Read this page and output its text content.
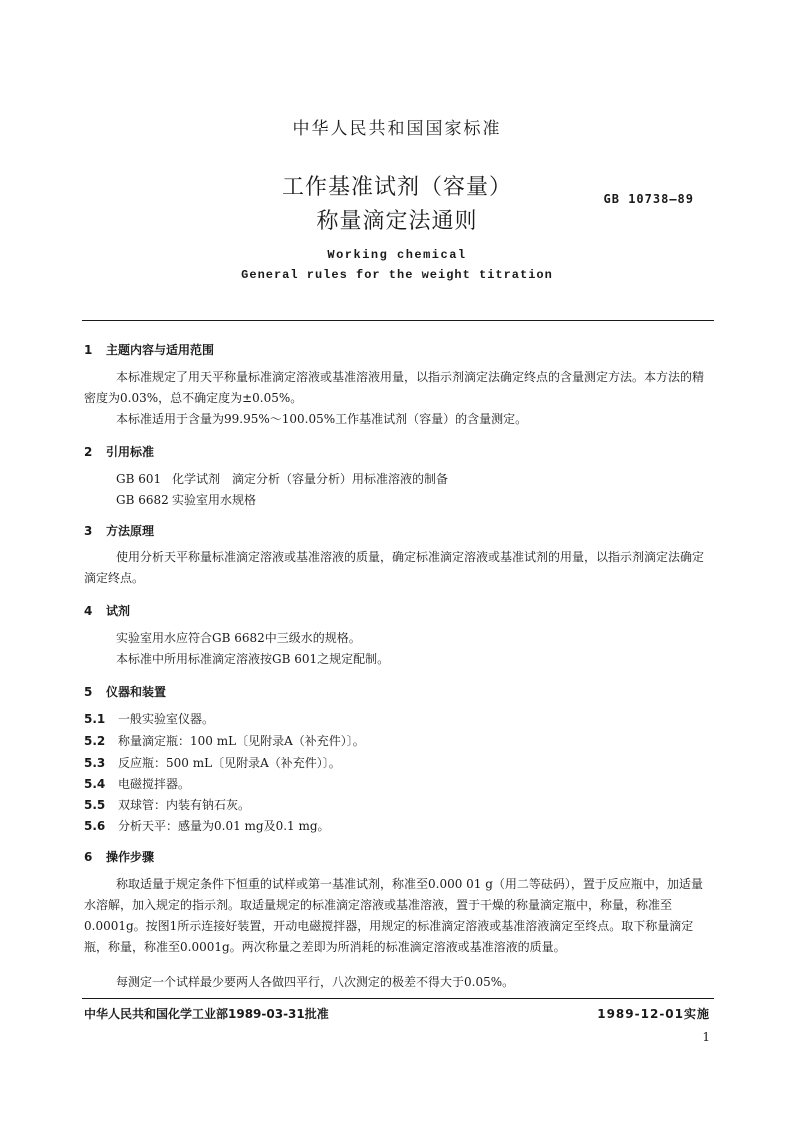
中华人民共和国国家标准
工作基准试剂（容量）
称量滴定法通则
GB 10738—89
Working chemical
General rules for the weight titration
1 主题内容与适用范围
本标准规定了用天平称量标准滴定溶液或基准溶液用量，以指示剂滴定法确定终点的含量测定方法。本方法的精密度为0.03%，总不确定度为±0.05%。
本标准适用于含量为99.95%～100.05%工作基准试剂（容量）的含量测定。
2 引用标准
GB 601 化学试剂　滴定分析（容量分析）用标准溶液的制备
GB 6682 实验室用水规格
3 方法原理
使用分析天平称量标准滴定溶液或基准溶液的质量，确定标准滴定溶液或基准试剂的用量，以指示剂滴定法确定滴定终点。
4 试剂
实验室用水应符合GB 6682中三级水的规格。
本标准中所用标准滴定溶液按GB 601之规定配制。
5 仪器和装置
5.1 一般实验室仪器。
5.2 称量滴定瓶：100 mL〔见附录A（补充件）〕。
5.3 反应瓶：500 mL〔见附录A（补充件）〕。
5.4 电磁搅拌器。
5.5 双球管：内装有钠石灰。
5.6 分析天平：感量为0.01 mg及0.1 mg。
6 操作步骤
称取适量于规定条件下恒重的试样或第一基准试剂，称准至0.000 01 g（用二等砝码），置于反应瓶中，加适量水溶解，加入规定的指示剂。取适量规定的标准滴定溶液或基准溶液，置于干燥的称量滴定瓶中，称量，称准至0.0001g。按图1所示连接好装置，开动电磁搅拌器，用规定的标准滴定溶液或基准溶液滴定至终点。取下称量滴定瓶，称量，称准至0.0001g。两次称量之差即为所消耗的标准滴定溶液或基准溶液的质量。
每测定一个试样最少要两人各做四平行，八次测定的极差不得大于0.05%。
中华人民共和国化学工业部1989-03-31批准	1989-12-01实施
1
